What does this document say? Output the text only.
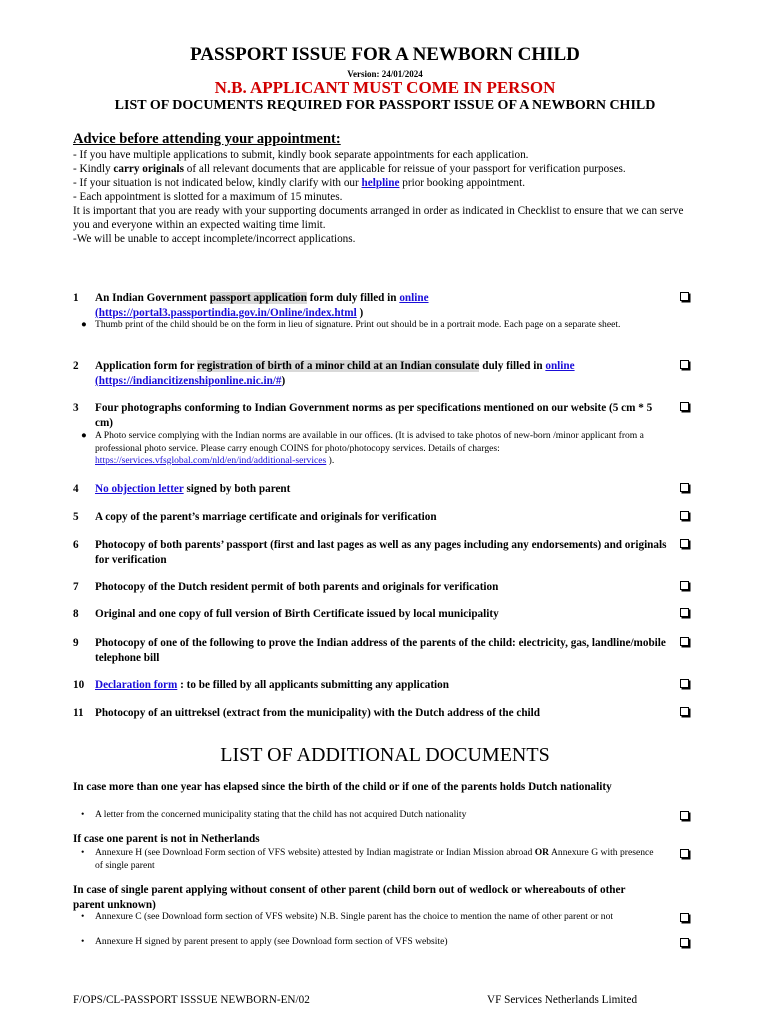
PASSPORT ISSUE FOR A NEWBORN CHILD
Version: 24/01/2024
N.B. APPLICANT MUST COME IN PERSON
LIST OF DOCUMENTS REQUIRED FOR PASSPORT ISSUE OF A NEWBORN CHILD
Advice before attending your appointment:

- If you have multiple applications to submit, kindly book separate appointments for each application.

- Kindly carry originals of all relevant documents that are applicable for reissue of your passport for verification purposes.

- If your situation is not indicated below, kindly clarify with our helpline prior booking appointment.

- Each appointment is slotted for a maximum of 15 minutes.

It is important that you are ready with your supporting documents arranged in order as indicated in Checklist to ensure that we can serve you and everyone within an expected waiting time limit.

-We will be unable to accept incomplete/incorrect applications.

1	An Indian Government passport application form duly filled in online
(https://portal3.passportindia.gov.in/Online/index.html )
● Thumb print of the child should be on the form in lieu of signature. Print out should be in a portrait mode. Each page on a separate sheet.
2	Application form for registration of birth of a minor child at an Indian consulate duly filled in online
(https://indiancitizenshiponline.nic.in/#)
3	Four photographs conforming to Indian Government norms as per specifications mentioned on our website (5 cm * 5 cm)
● A Photo service complying with the Indian norms are available in our offices. (It is advised to take photos of new-born /minor applicant from a professional photo service. Please carry enough COINS for photo/photocopy services. Details of charges: https://services.vfsglobal.com/nld/en/ind/additional-services ).
4	No objection letter signed by both parent
5	A copy of the parent’s marriage certificate and originals for verification
6	Photocopy of both parents’ passport (first and last pages as well as any pages including any endorsements) and originals for verification
7	Photocopy of the Dutch resident permit of both parents and originals for verification
8	Original and one copy of full version of Birth Certificate issued by local municipality
9	Photocopy of one of the following to prove the Indian address of the parents of the child: electricity, gas, landline/mobile telephone bill
10 Declaration form : to be filled by all applicants submitting any application
11	Photocopy of an uittreksel (extract from the municipality) with the Dutch address of the child
LIST OF ADDITIONAL DOCUMENTS
In case more than one year has elapsed since the birth of the child or if one of the parents holds Dutch nationality
• A letter from the concerned municipality stating that the child has not acquired Dutch nationality
If case one parent is not in Netherlands
• Annexure H (see Download Form section of VFS website) attested by Indian magistrate or Indian Mission abroad OR Annexure G with presence of single parent
In case of single parent applying without consent of other parent (child born out of wedlock or whereabouts of other parent unknown)
• Annexure C (see Download form section of VFS website) N.B. Single parent has the choice to mention the name of other parent or not
• Annexure H signed by parent present to apply (see Download form section of VFS website)
F/OPS/CL-PASSPORT ISSSUE NEWBORN-EN/02	VF Services Netherlands Limited
